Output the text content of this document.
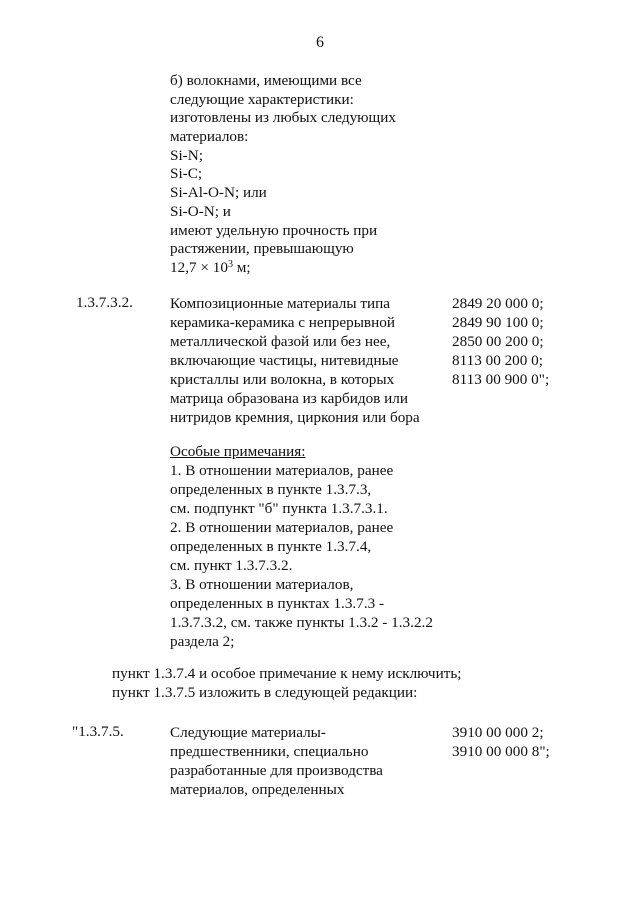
6
б) волокнами, имеющими все
следующие характеристики:
изготовлены из любых следующих
материалов:
Si-N;
Si-C;
Si-Al-O-N; или
Si-O-N; и
имеют удельную прочность при
растяжении, превышающую
$12,7 \times 10^3$ м;
1.3.7.3.2. Композиционные материалы типа
керамика-керамика с непрерывной
металлической фазой или без нее,
включающие частицы, нитевидные
кристаллы или волокна, в которых
матрица образована из карбидов или
нитридов кремния, циркония или бора
2849 20 000 0;
2849 90 100 0;
2850 00 200 0;
8113 00 200 0;
8113 00 900 0";
Особые примечания:
1. В отношении материалов, ранее
определенных в пункте 1.3.7.3,
см. подпункт "б" пункта 1.3.7.3.1.
2. В отношении материалов, ранее
определенных в пункте 1.3.7.4,
см. пункт 1.3.7.3.2.
3. В отношении материалов,
определенных в пунктах 1.3.7.3 -
1.3.7.3.2, см. также пункты 1.3.2 - 1.3.2.2
раздела 2;
пункт 1.3.7.4 и особое примечание к нему исключить;
пункт 1.3.7.5 изложить в следующей редакции:
"1.3.7.5.	Следующие материалы-
предшественники, специально
разработанные для производства
материалов, определенных
3910 00 000 2;
3910 00 000 8";
